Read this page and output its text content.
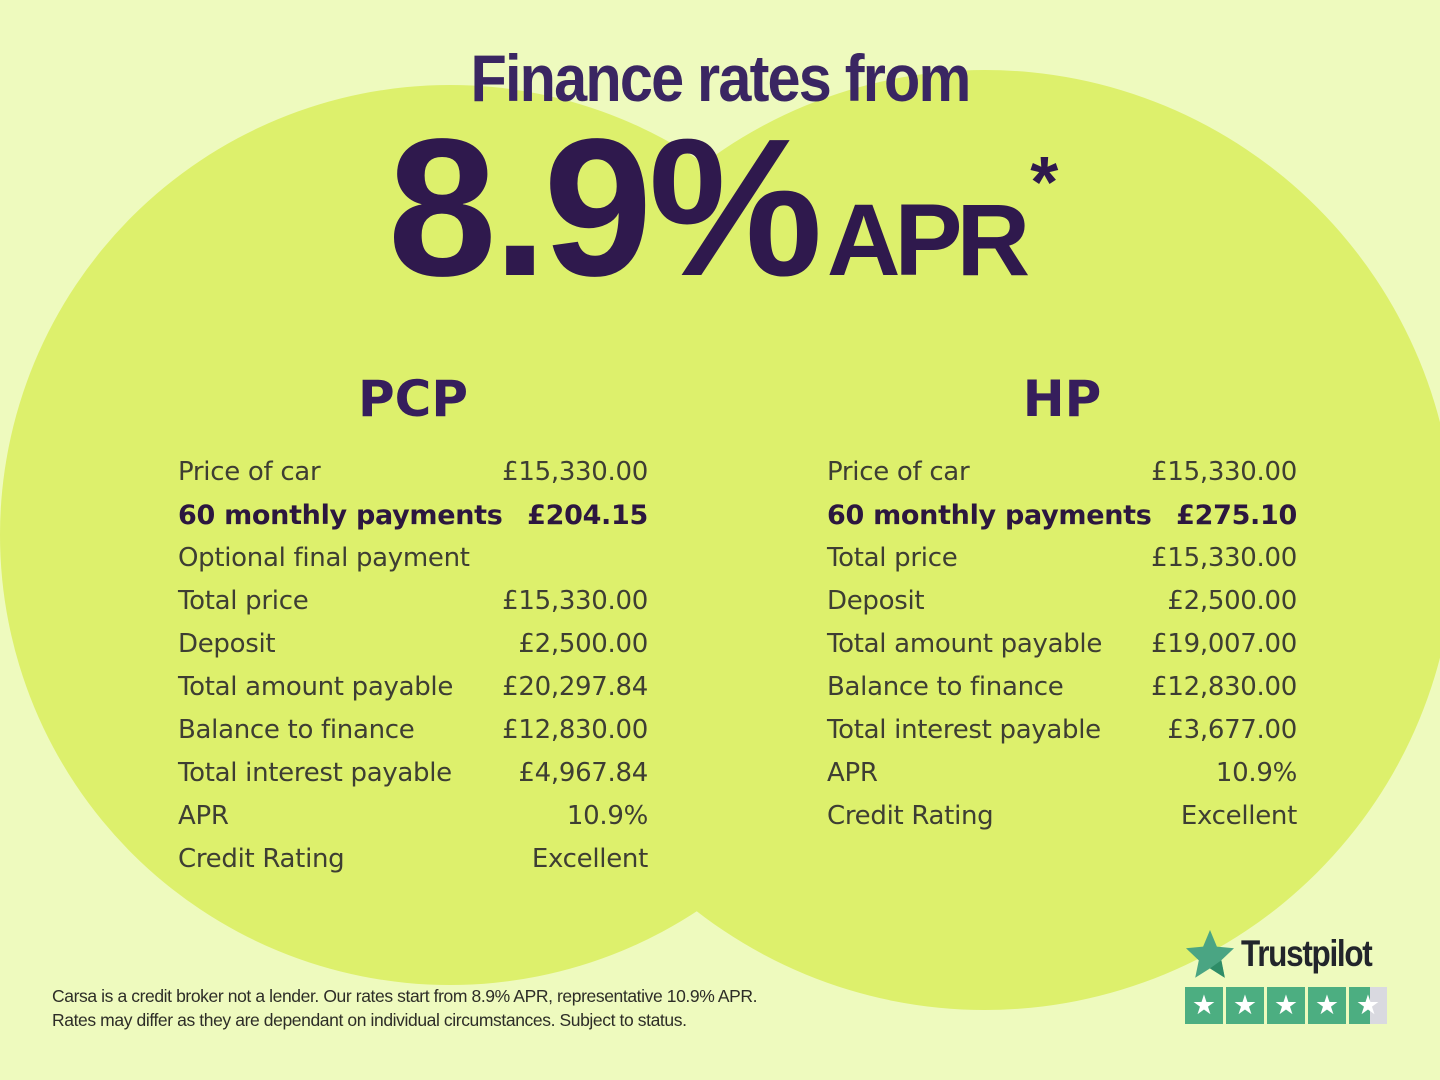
Finance rates from
8.9% APR *
PCP	HP
Price of car	£15,330.00
60 monthly payments £204.15
Optional final payment
Total price	£15,330.00
Deposit	£2,500.00
Total amount payable £20,297.84
Balance to finance	£12,830.00
Total interest payable	£4,967.84
APR	10.9%
Credit Rating	Excellent
Price of car	£15,330.00
60 monthly payments £275.10
Total price	£15,330.00
Deposit	£2,500.00
Total amount payable £19,007.00
Balance to finance	£12,830.00
Total interest payable	£3,677.00
APR	10.9%
Credit Rating	Excellent
Trustpilot
★
★
★
★
★
Carsa is a credit broker not a lender. Our rates start from 8.9% APR, representative 10.9% APR.
Rates may differ as they are dependant on individual circumstances. Subject to status.
